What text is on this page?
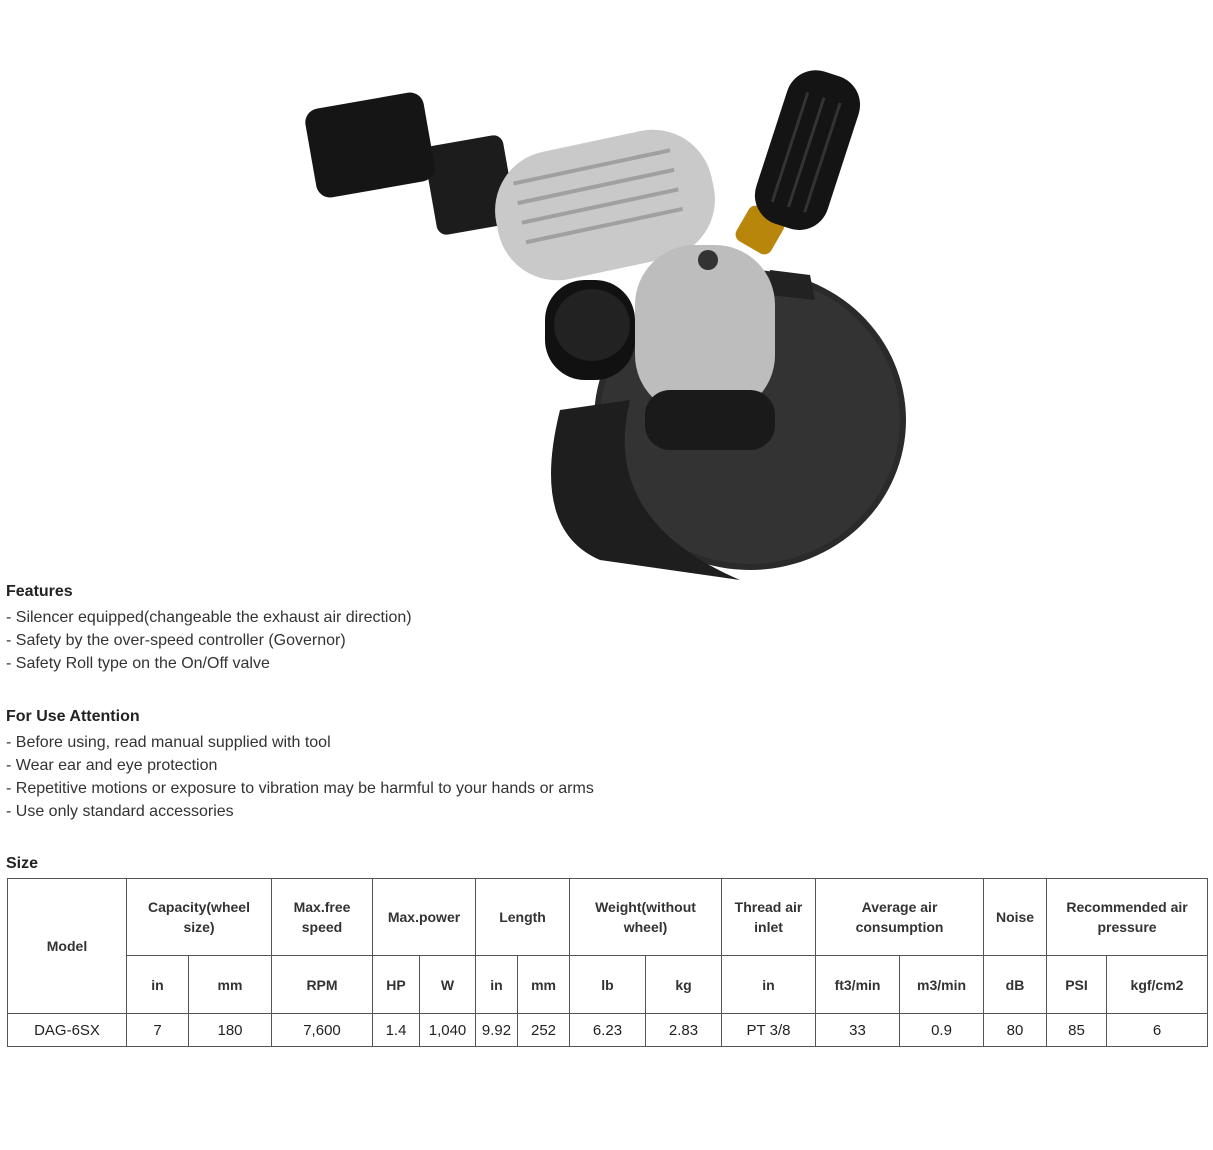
Features
- Silencer equipped(changeable the exhaust air direction)
- Safety by the over-speed controller (Governor)
- Safety Roll type on the On/Off valve
For Use Attention
- Before using, read manual supplied with tool
- Wear ear and eye protection
- Repetitive motions or exposure to vibration may be harmful to your hands or arms
- Use only standard accessories
Size
Model	Capacity(wheel size)		Max.free speed	Max.power		Length		Weight(without wheel)		Thread air inlet	Average air consumption		Noise	Recommended air pressure	
	in	mm	RPM	HP	W	in	mm	lb	kg	in	ft3/min	m3/min	dB	PSI	kgf/cm2
DAG-6SX	7	180	7,600	1.4	1,040	9.92	252	6.23	2.83	PT 3/8	33	0.9	80	85	6
